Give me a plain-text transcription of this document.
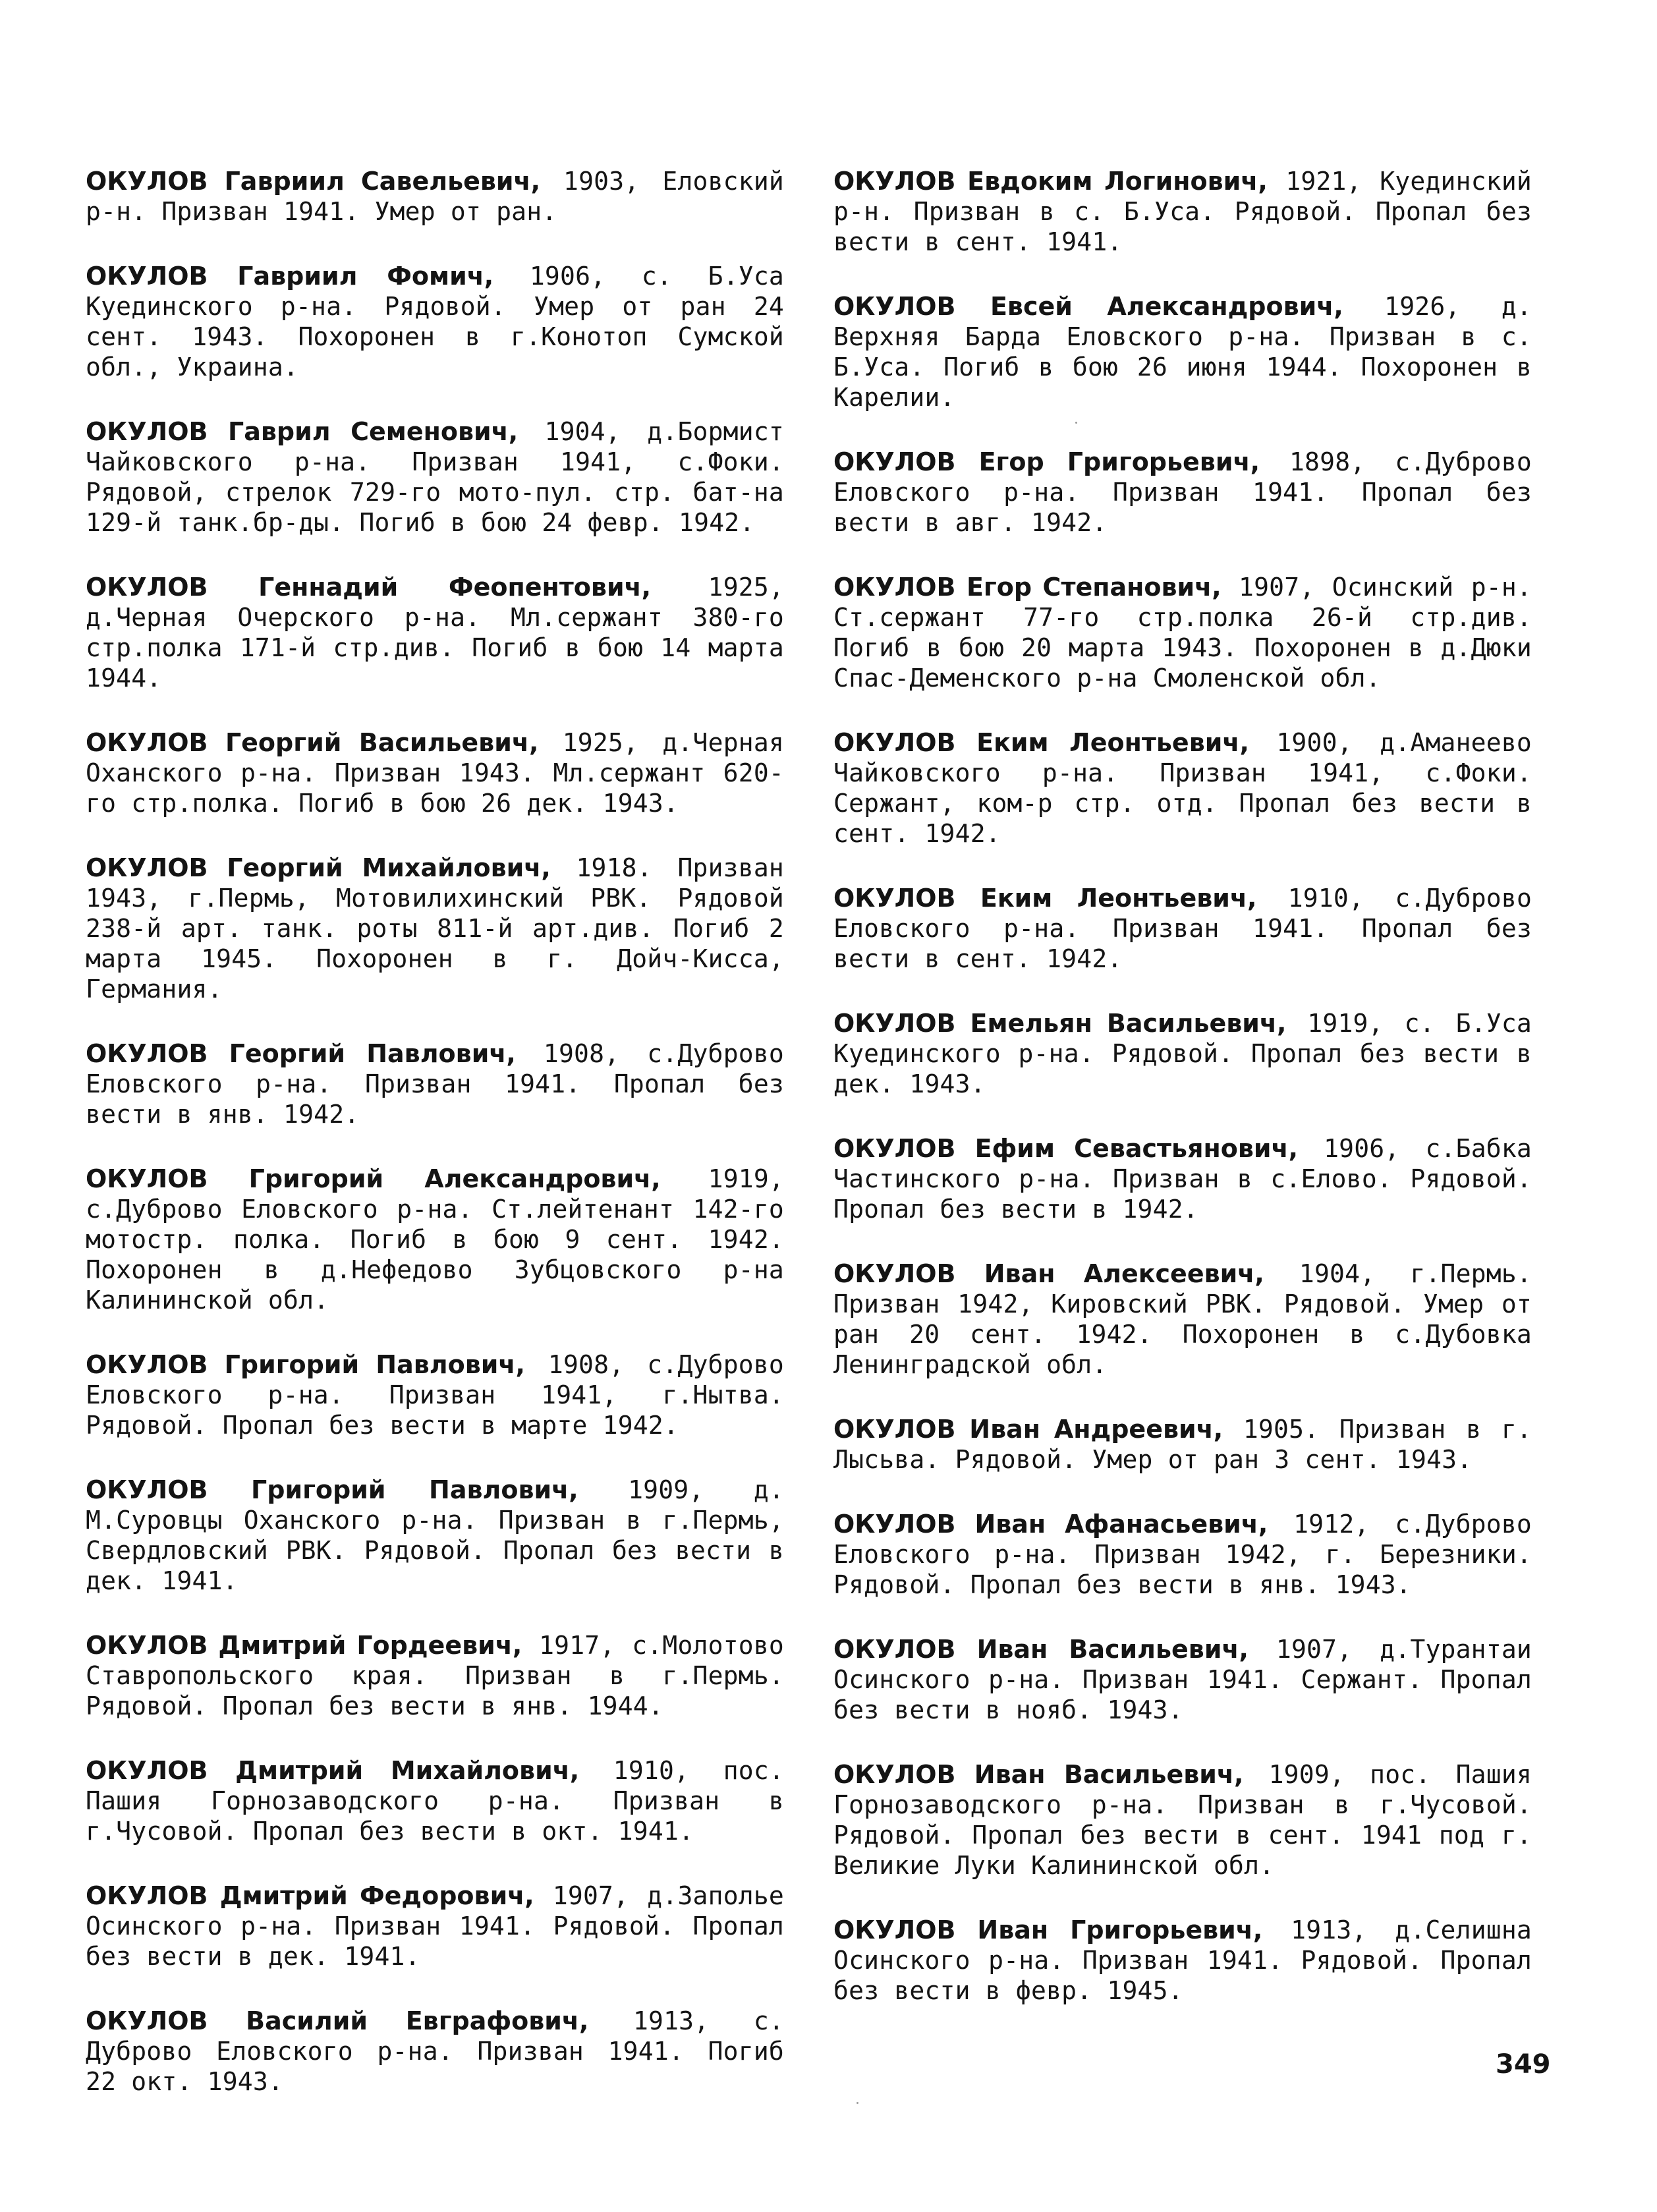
ОКУЛОВ Гавриил Савельевич, 1903, Еловский р-н. Призван 1941. Умер от ран.

ОКУЛОВ Гавриил Фомич, 1906, с. Б.Уса Куединского р-на. Рядовой. Умер от ран 24 сент. 1943. Похоронен в г.Конотоп Сумской обл., Украина.

ОКУЛОВ Гаврил Семенович, 1904, д.Бормист Чайковского р-на. Призван 1941, с.Фоки. Рядовой, стрелок 729-го мото-пул. стр. бат-на 129-й танк.бр-ды. Погиб в бою 24 февр. 1942.

ОКУЛОВ Геннадий Феопентович, 1925, д.Черная Очерского р-на. Мл.сержант 380-го стр.полка 171-й стр.див. Погиб в бою 14 марта 1944.

ОКУЛОВ Георгий Васильевич, 1925, д.Черная Оханского р-на. Призван 1943. Мл.сержант 620-го стр.полка. Погиб в бою 26 дек. 1943.

ОКУЛОВ Георгий Михайлович, 1918. Призван 1943, г.Пермь, Мотовилихинский РВК. Рядовой 238-й арт. танк. роты 811-й арт.див. Погиб 2 марта 1945. Похоронен в г. Дойч-Кисса, Германия.

ОКУЛОВ Георгий Павлович, 1908, с.Дуброво Еловского р-на. Призван 1941. Пропал без вести в янв. 1942.

ОКУЛОВ Григорий Александрович, 1919, с.Дуброво Еловского р-на. Ст.лейтенант 142-го мотостр. полка. Погиб в бою 9 сент. 1942. Похоронен в д.Нефедово Зубцовского р-на Калининской обл.

ОКУЛОВ Григорий Павлович, 1908, с.Дуброво Еловского р-на. Призван 1941, г.Нытва. Рядовой. Пропал без вести в марте 1942.

ОКУЛОВ Григорий Павлович, 1909, д. М.Суровцы Оханского р-на. Призван в г.Пермь, Свердловский РВК. Рядовой. Пропал без вести в дек. 1941.

ОКУЛОВ Дмитрий Гордеевич, 1917, с.Молотово Ставропольского края. Призван в г.Пермь. Рядовой. Пропал без вести в янв. 1944.

ОКУЛОВ Дмитрий Михайлович, 1910, пос. Пашия Горнозаводского р-на. Призван в г.Чусовой. Пропал без вести в окт. 1941.

ОКУЛОВ Дмитрий Федорович, 1907, д.Заполье Осинского р-на. Призван 1941. Рядовой. Пропал без вести в дек. 1941.

ОКУЛОВ Василий Евграфович, 1913, с. Дуброво Еловского р-на. Призван 1941. Погиб 22 окт. 1943.

ОКУЛОВ Евдоким Логинович, 1921, Куединский р-н. Призван в с. Б.Уса. Рядовой. Пропал без вести в сент. 1941.

ОКУЛОВ Евсей Александрович, 1926, д. Верхняя Барда Еловского р-на. Призван в с. Б.Уса. Погиб в бою 26 июня 1944. Похоронен в Карелии.

ОКУЛОВ Егор Григорьевич, 1898, с.Дуброво Еловского р-на. Призван 1941. Пропал без вести в авг. 1942.

ОКУЛОВ Егор Степанович, 1907, Осинский р-н. Ст.сержант 77-го стр.полка 26-й стр.див. Погиб в бою 20 марта 1943. Похоронен в д.Дюки Спас-Деменского р-на Смоленской обл.

ОКУЛОВ Еким Леонтьевич, 1900, д.Аманеево Чайковского р-на. Призван 1941, с.Фоки. Сержант, ком-р стр. отд. Пропал без вести в сент. 1942.

ОКУЛОВ Еким Леонтьевич, 1910, с.Дуброво Еловского р-на. Призван 1941. Пропал без вести в сент. 1942.

ОКУЛОВ Емельян Васильевич, 1919, с. Б.Уса Куединского р-на. Рядовой. Пропал без вести в дек. 1943.

ОКУЛОВ Ефим Севастьянович, 1906, с.Бабка Частинского р-на. Призван в с.Елово. Рядовой. Пропал без вести в 1942.

ОКУЛОВ Иван Алексеевич, 1904, г.Пермь. Призван 1942, Кировский РВК. Рядовой. Умер от ран 20 сент. 1942. Похоронен в с.Дубовка Ленинградской обл.

ОКУЛОВ Иван Андреевич, 1905. Призван в г. Лысьва. Рядовой. Умер от ран 3 сент. 1943.

ОКУЛОВ Иван Афанасьевич, 1912, с.Дуброво Еловского р-на. Призван 1942, г. Березники. Рядовой. Пропал без вести в янв. 1943.

ОКУЛОВ Иван Васильевич, 1907, д.Турантаи Осинского р-на. Призван 1941. Сержант. Пропал без вести в нояб. 1943.

ОКУЛОВ Иван Васильевич, 1909, пос. Пашия Горнозаводского р-на. Призван в г.Чусовой. Рядовой. Пропал без вести в сент. 1941 под г. Великие Луки Калининской обл.

ОКУЛОВ Иван Григорьевич, 1913, д.Селишна Осинского р-на. Призван 1941. Рядовой. Пропал без вести в февр. 1945.

349
